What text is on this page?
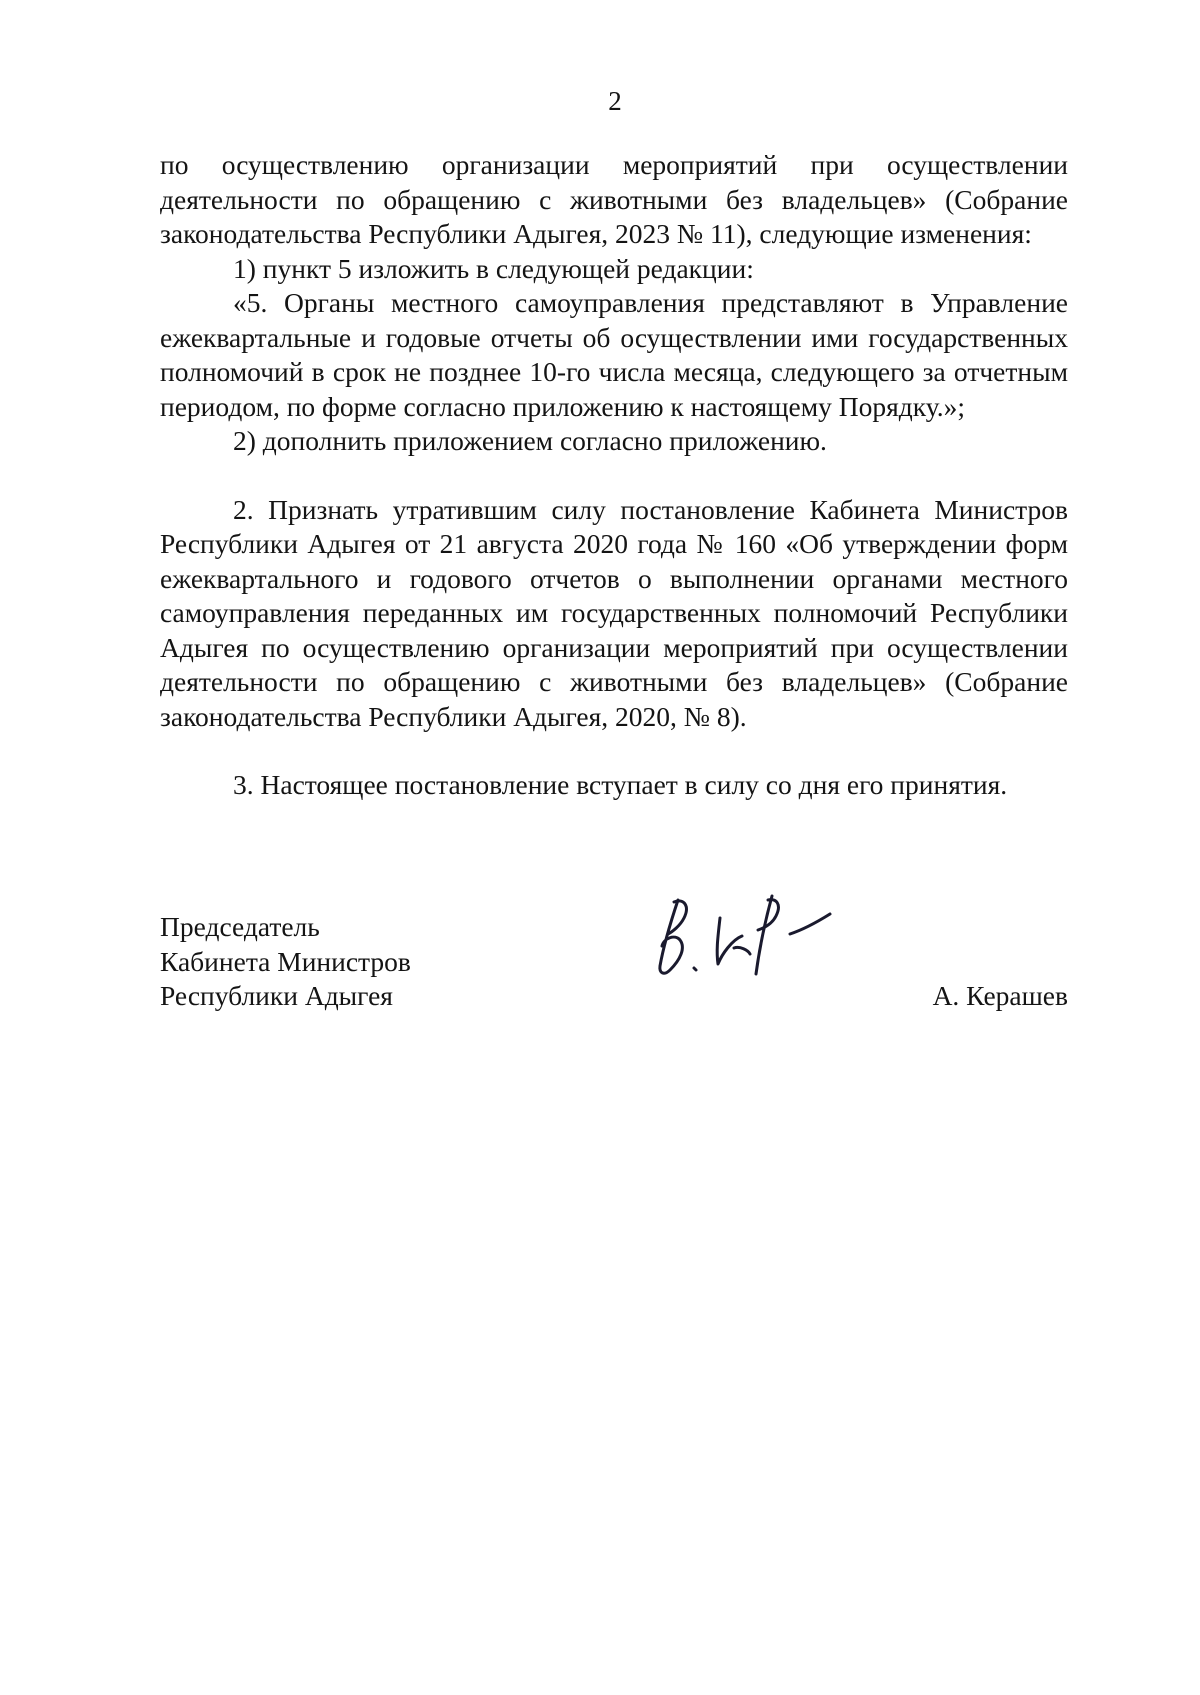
2

по осуществлению организации мероприятий при осуществлении деятельности по обращению с животными без владельцев» (Собрание законодательства Республики Адыгея, 2023 № 11), следующие изменения:

1) пункт 5 изложить в следующей редакции:

«5. Органы местного самоуправления представляют в Управление ежеквартальные и годовые отчеты об осуществлении ими государственных полномочий в срок не позднее 10-го числа месяца, следующего за отчетным периодом, по форме согласно приложению к настоящему Порядку.»;

2) дополнить приложением согласно приложению.

2. Признать утратившим силу постановление Кабинета Министров Республики Адыгея от 21 августа 2020 года № 160 «Об утверждении форм ежеквартального и годового отчетов о выполнении органами местного самоуправления переданных им государственных полномочий Республики Адыгея по осуществлению организации мероприятий при осуществлении деятельности по обращению с животными без владельцев» (Собрание законодательства Республики Адыгея, 2020, № 8).

3. Настоящее постановление вступает в силу со дня его принятия.

Председатель
Кабинета Министров
Республики Адыгея	А. Керашев
